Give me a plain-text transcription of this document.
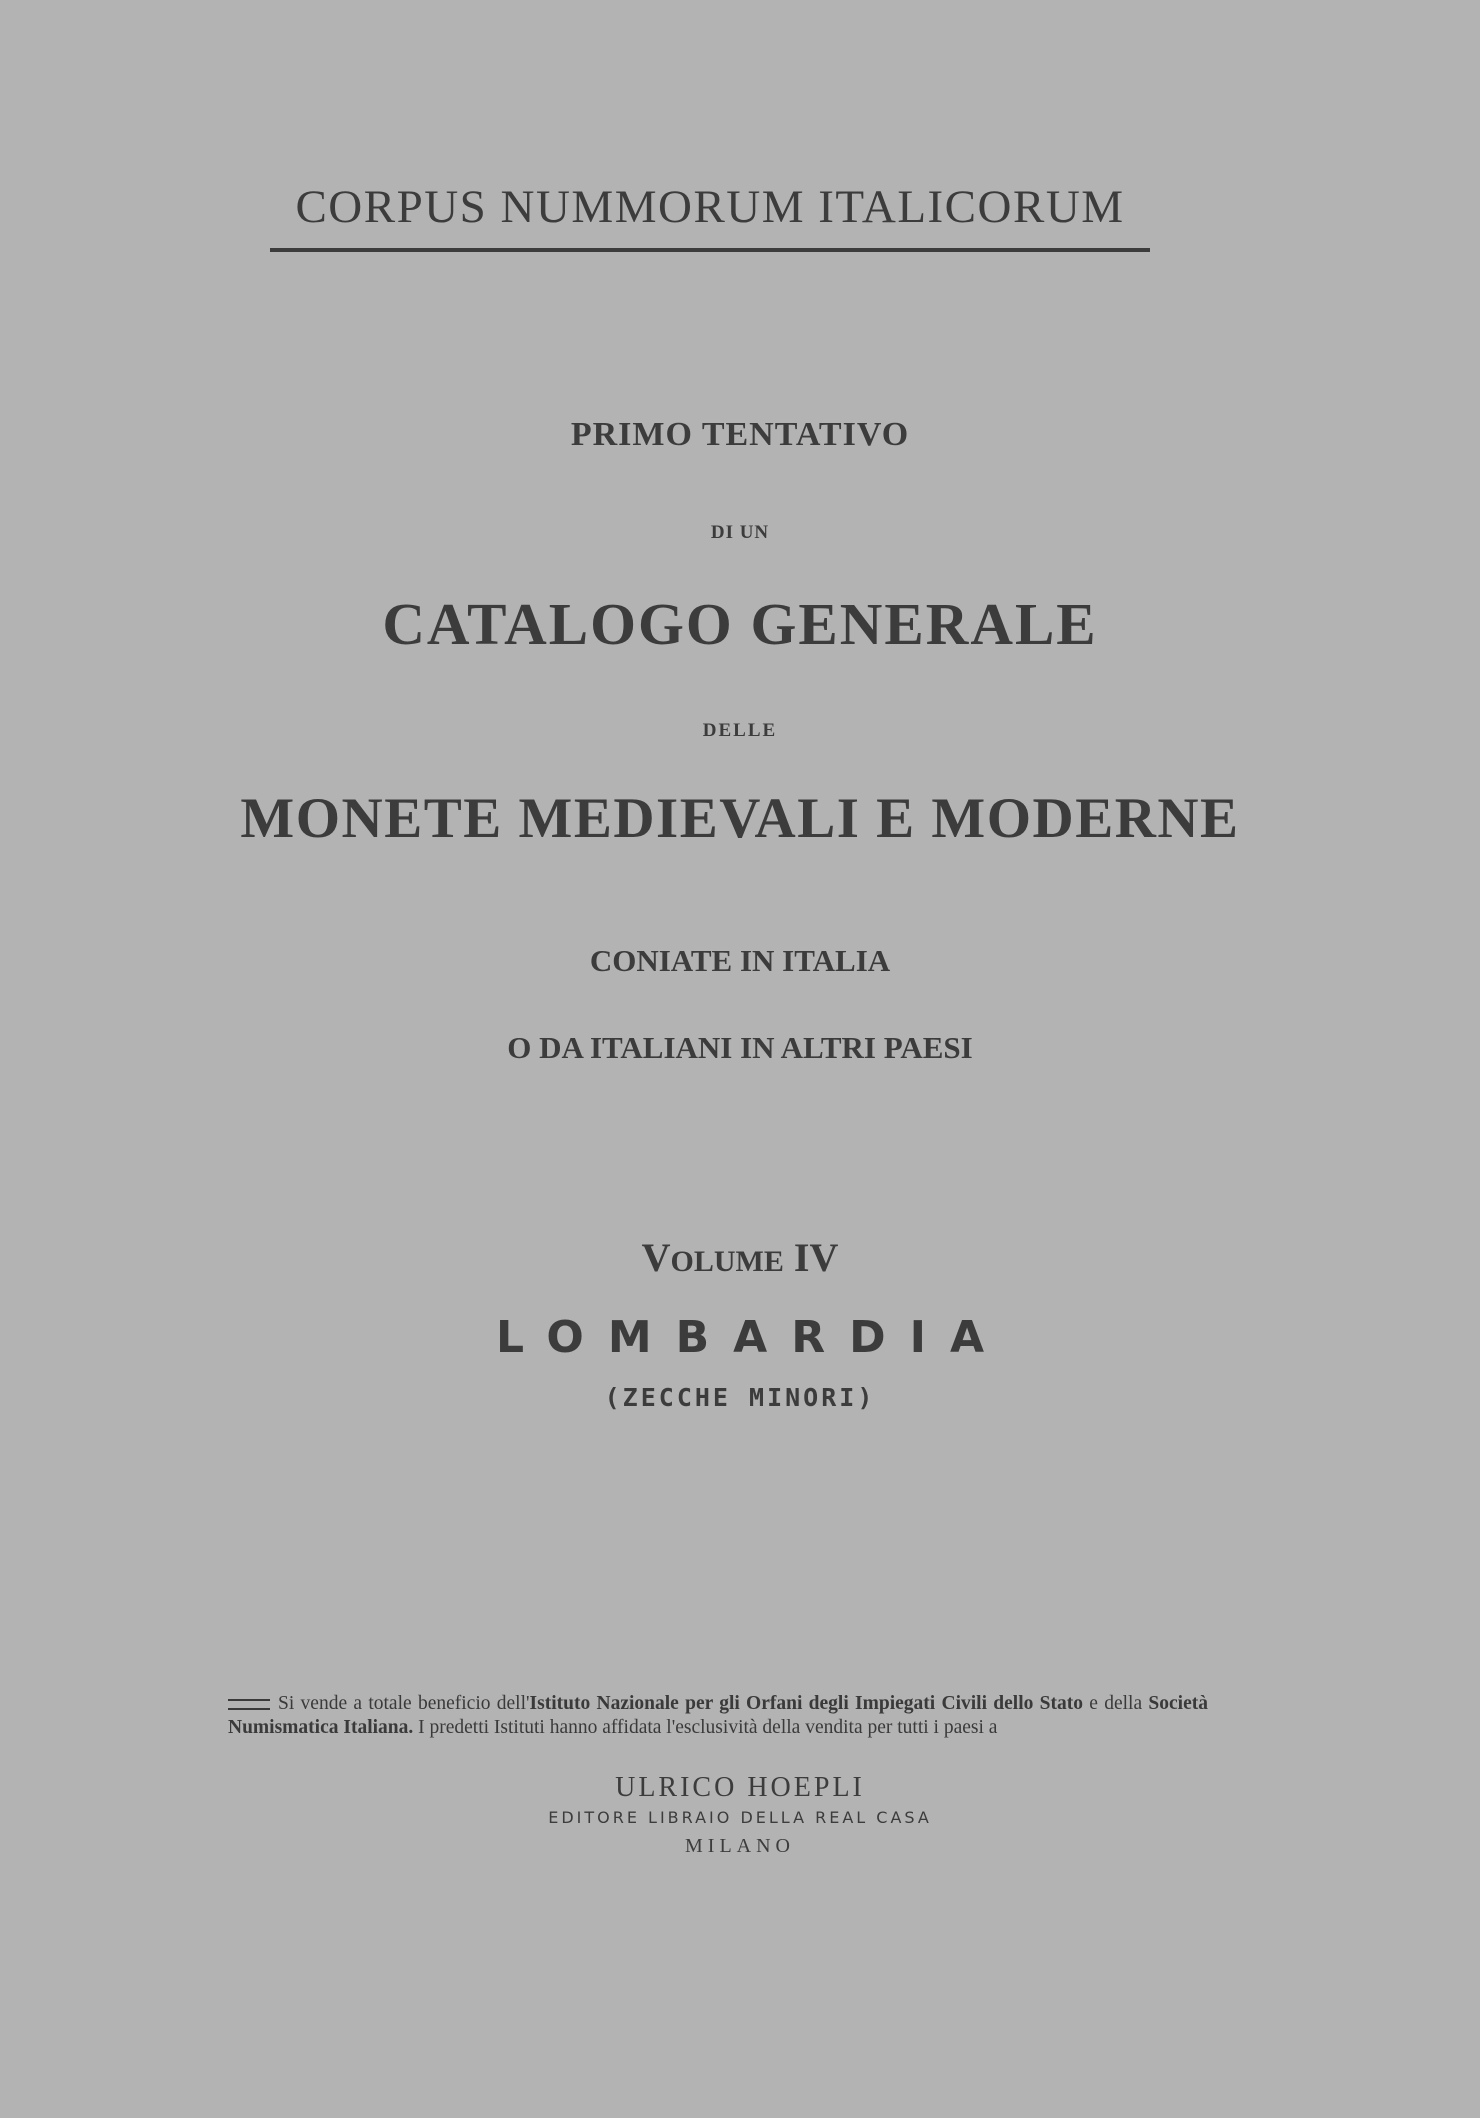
CORPUS NUMMORUM ITALICORUM
PRIMO TENTATIVO
DI UN
CATALOGO GENERALE
DELLE
MONETE MEDIEVALI E MODERNE
CONIATE IN ITALIA
O DA ITALIANI IN ALTRI PAESI
VOLUME IV
LOMBARDIA
(ZECCHE MINORI)
Si vende a totale beneficio dell'Istituto Nazionale per gli Orfani degli Impiegati Civili dello Stato e della Società Numismatica Italiana. I predetti Istituti hanno affidata l'esclusività della vendita per tutti i paesi a
ULRICO HOEPLI
EDITORE LIBRAIO DELLA REAL CASA
MILANO
